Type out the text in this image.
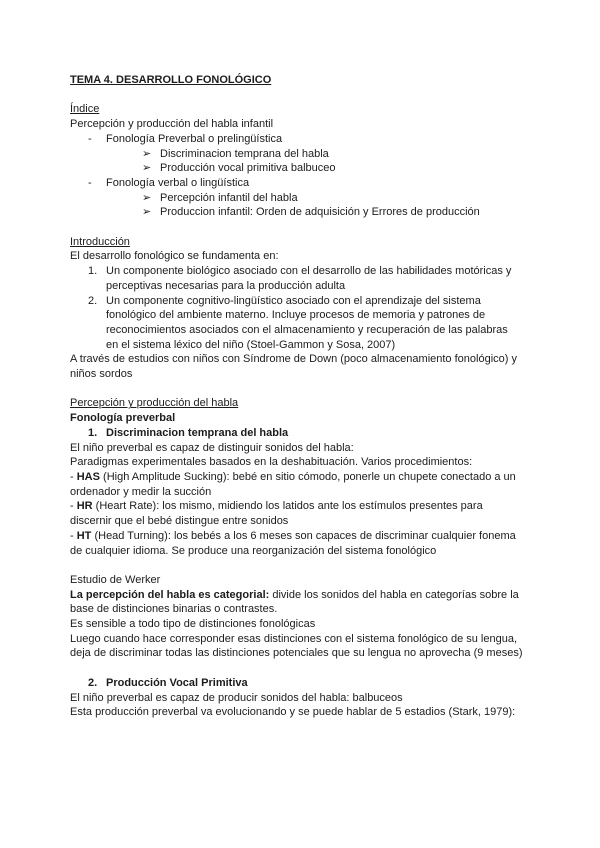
TEMA 4. DESARROLLO FONOLÓGICO

Índice
Percepción y producción del habla infantil
- Fonología Preverbal o prelingüística
➢ Discriminacion temprana del habla
➢ Producción vocal primitiva balbuceo
- Fonología verbal o lingüística
➢ Percepción infantil del habla
➢ Produccion infantil: Orden de adquisición y Errores de producción

Introducción
El desarrollo fonológico se fundamenta en:
1. Un componente biológico asociado con el desarrollo de las habilidades motóricas y
perceptivas necesarias para la producción adulta
2. Un componente cognitivo-lingüístico asociado con el aprendizaje del sistema
fonológico del ambiente materno. Incluye procesos de memoria y patrones de
reconocimientos asociados con el almacenamiento y recuperación de las palabras
en el sistema léxico del niño (Stoel-Gammon y Sosa, 2007)
A través de estudios con niños con Síndrome de Down (poco almacenamiento fonológico) y
niños sordos

Percepción y producción del habla
Fonología preverbal
1. Discriminacion temprana del habla
El niño preverbal es capaz de distinguir sonidos del habla:
Paradigmas experimentales basados en la deshabituación. Varios procedimientos:
- HAS (High Amplitude Sucking): bebé en sitio cómodo, ponerle un chupete conectado a un
ordenador y medir la succión
- HR (Heart Rate): los mismo, midiendo los latidos ante los estímulos presentes para
discernir que el bebé distingue entre sonidos
- HT (Head Turning): los bebés a los 6 meses son capaces de discriminar cualquier fonema
de cualquier idioma. Se produce una reorganización del sistema fonológico

Estudio de Werker
La percepción del habla es categorial: divide los sonidos del habla en categorías sobre la
base de distinciones binarias o contrastes.
Es sensible a todo tipo de distinciones fonológicas
Luego cuando hace corresponder esas distinciones con el sistema fonológico de su lengua,
deja de discriminar todas las distinciones potenciales que su lengua no aprovecha (9 meses)

2. Producción Vocal Primitiva
El niño preverbal es capaz de producir sonidos del habla: balbuceos
Esta producción preverbal va evolucionando y se puede hablar de 5 estadios (Stark, 1979):
